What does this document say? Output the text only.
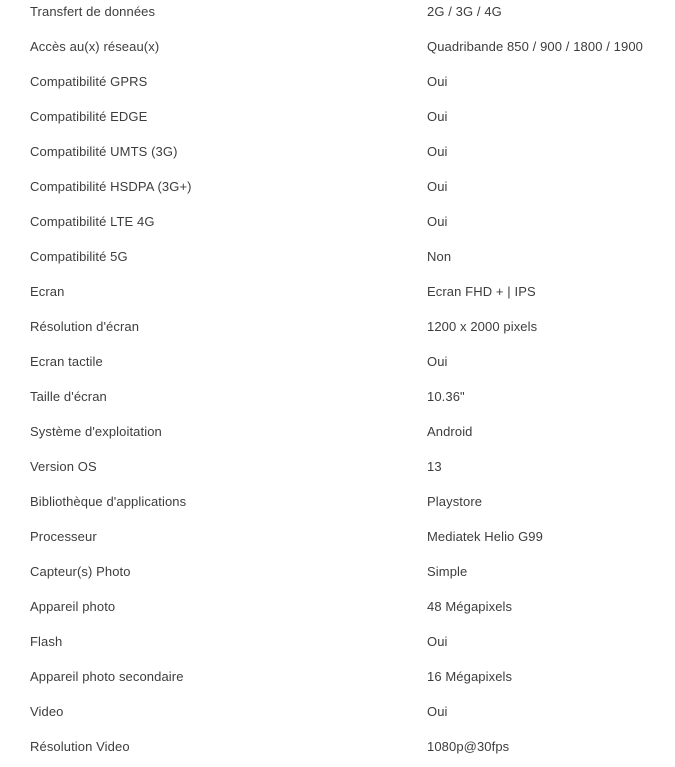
Transfert de données	2G / 3G / 4G
Accès au(x) réseau(x)	Quadribande 850 / 900 / 1800 / 1900
Compatibilité GPRS	Oui
Compatibilité EDGE	Oui
Compatibilité UMTS (3G)	Oui
Compatibilité HSDPA (3G+)	Oui
Compatibilité LTE 4G	Oui
Compatibilité 5G	Non
Ecran	Ecran FHD + | IPS
Résolution d'écran	1200 x 2000 pixels
Ecran tactile	Oui
Taille d'écran	10.36"
Système d'exploitation	Android
Version OS	13
Bibliothèque d'applications	Playstore
Processeur	Mediatek Helio G99
Capteur(s) Photo	Simple
Appareil photo	48 Mégapixels
Flash	Oui
Appareil photo secondaire	16 Mégapixels
Video	Oui
Résolution Video	1080p@30fps
